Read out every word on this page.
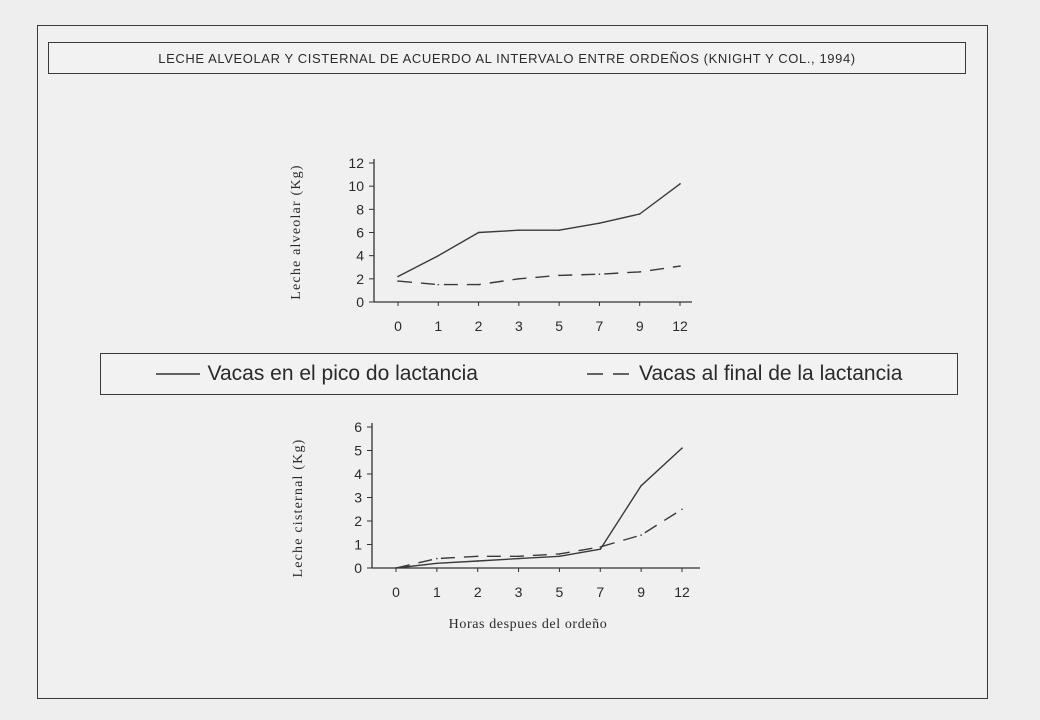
LECHE ALVEOLAR Y CISTERNAL DE ACUERDO AL INTERVALO ENTRE ORDEÑOS (KNIGHT Y COL., 1994)
Vacas en el pico do lactancia	Vacas al final de la lactancia
0
2
4
6
8
10
12
0 1 2 3 5 7 9 12
Leche alveolar (Kg)
0
1
2
3
4
5
6
0 1 2 3 5 7 9 12
Leche cisternal (Kg)
Horas despues del ordeño
